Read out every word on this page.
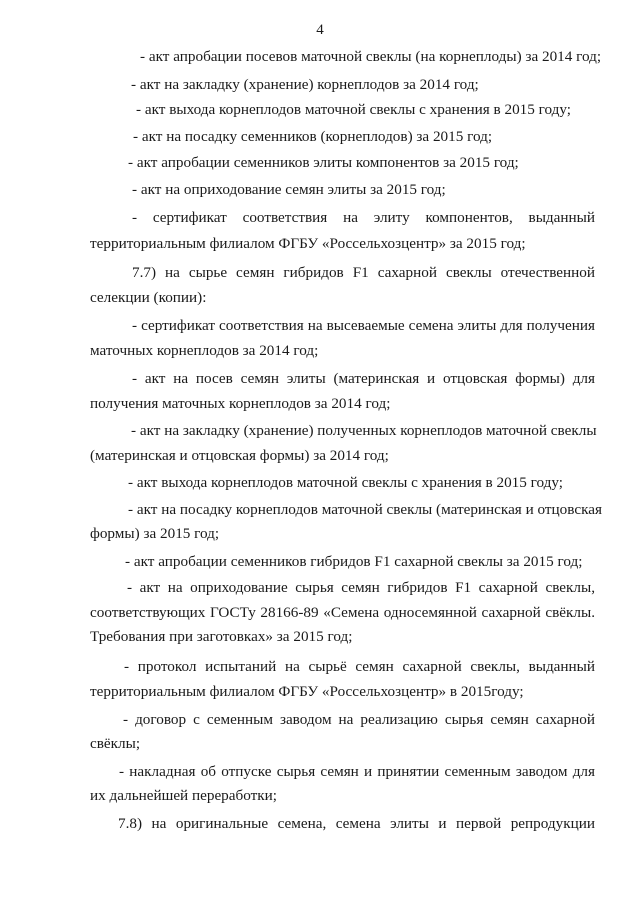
4
- акт апробации посевов маточной свеклы (на корнеплоды) за 2014 год;
- акт на закладку (хранение) корнеплодов за 2014 год;
- акт выхода корнеплодов маточной свеклы с хранения в 2015 году;
- акт на посадку семенников (корнеплодов) за 2015 год;
- акт апробации семенников элиты компонентов за 2015 год;
- акт на оприходование семян элиты за 2015 год;
- сертификат соответствия на элиту компонентов, выданный
территориальным филиалом ФГБУ «Россельхозцентр» за 2015 год;
7.7) на сырье семян гибридов F1 сахарной свеклы отечественной
селекции (копии):
- сертификат соответствия на высеваемые семена элиты для получения
маточных корнеплодов за 2014 год;
- акт на посев семян элиты (материнская и отцовская формы) для
получения маточных корнеплодов за 2014 год;
- акт на закладку (хранение) полученных корнеплодов маточной свеклы
(материнская и отцовская формы) за 2014 год;
- акт выхода корнеплодов маточной свеклы с хранения в 2015 году;
- акт на посадку корнеплодов маточной свеклы (материнская и отцовская
формы) за 2015 год;
- акт апробации семенников гибридов F1 сахарной свеклы за 2015 год;
- акт на оприходование сырья семян гибридов F1 сахарной свеклы,
соответствующих ГОСТу 28166-89 «Семена односемянной сахарной свёклы.
Требования при заготовках» за 2015 год;
- протокол испытаний на сырьё семян сахарной свеклы, выданный
территориальным филиалом ФГБУ «Россельхозцентр» в 2015году;
- договор с семенным заводом на реализацию сырья семян сахарной
свёклы;
- накладная об отпуске сырья семян и принятии семенным заводом для
их дальнейшей переработки;
7.8) на оригинальные семена, семена элиты и первой репродукции
